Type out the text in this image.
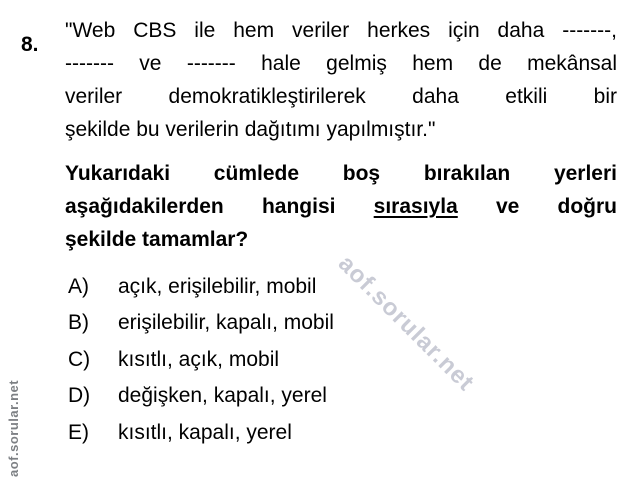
aof.sorular.net
aof.sorular.net
8.
"Web CBS ile hem veriler herkes için daha -------,
------- ve ------- hale gelmiş hem de mekânsal
veriler demokratikleştirilerek daha etkili bir
şekilde bu verilerin dağıtımı yapılmıştır."
Yukarıdaki cümlede boş bırakılan yerleri
aşağıdakilerden hangisi sırasıyla ve doğru
şekilde tamamlar?
A) açık, erişilebilir, mobil
B) erişilebilir, kapalı, mobil
C) kısıtlı, açık, mobil
D) değişken, kapalı, yerel
E) kısıtlı, kapalı, yerel
